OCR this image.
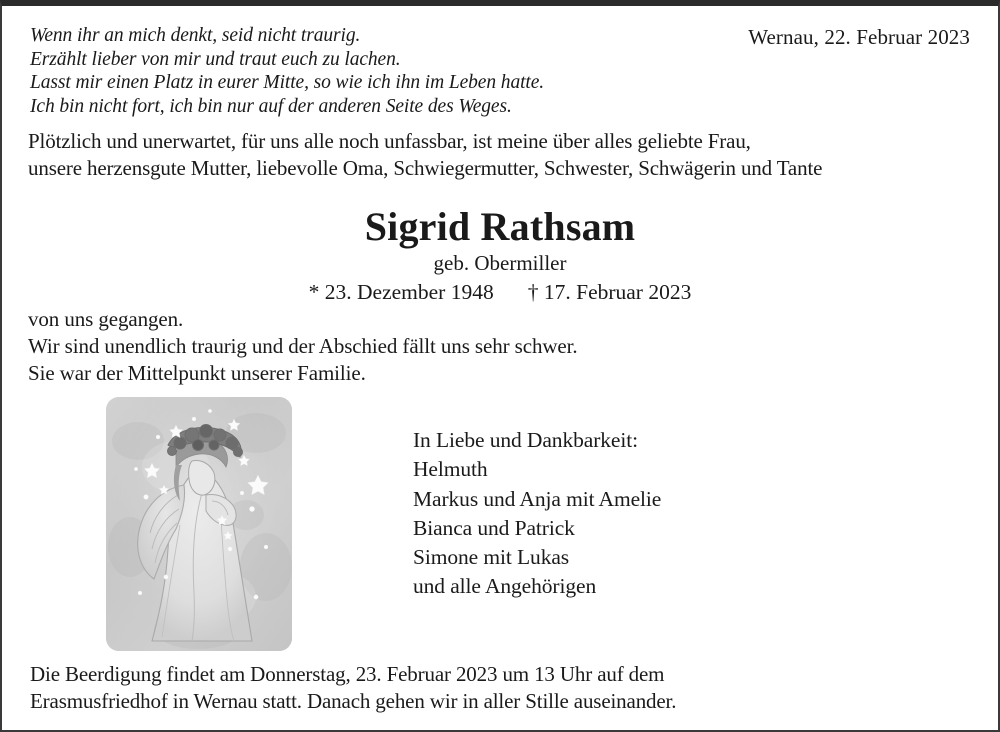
Wenn ihr an mich denkt, seid nicht traurig.
Erzählt lieber von mir und traut euch zu lachen.
Lasst mir einen Platz in eurer Mitte, so wie ich ihn im Leben hatte.
Ich bin nicht fort, ich bin nur auf der anderen Seite des Weges.
Wernau, 22. Februar 2023
Plötzlich und unerwartet, für uns alle noch unfassbar, ist meine über alles geliebte Frau,
unsere herzensgute Mutter, liebevolle Oma, Schwiegermutter, Schwester, Schwägerin und Tante
Sigrid Rathsam
geb. Obermiller
* 23. Dezember 1948 † 17. Februar 2023
von uns gegangen.
Wir sind unendlich traurig und der Abschied fällt uns sehr schwer.
Sie war der Mittelpunkt unserer Familie.
In Liebe und Dankbarkeit:
Helmuth
Markus und Anja mit Amelie
Bianca und Patrick
Simone mit Lukas
und alle Angehörigen
Die Beerdigung findet am Donnerstag, 23. Februar 2023 um 13 Uhr auf dem
Erasmusfriedhof in Wernau statt. Danach gehen wir in aller Stille auseinander.
